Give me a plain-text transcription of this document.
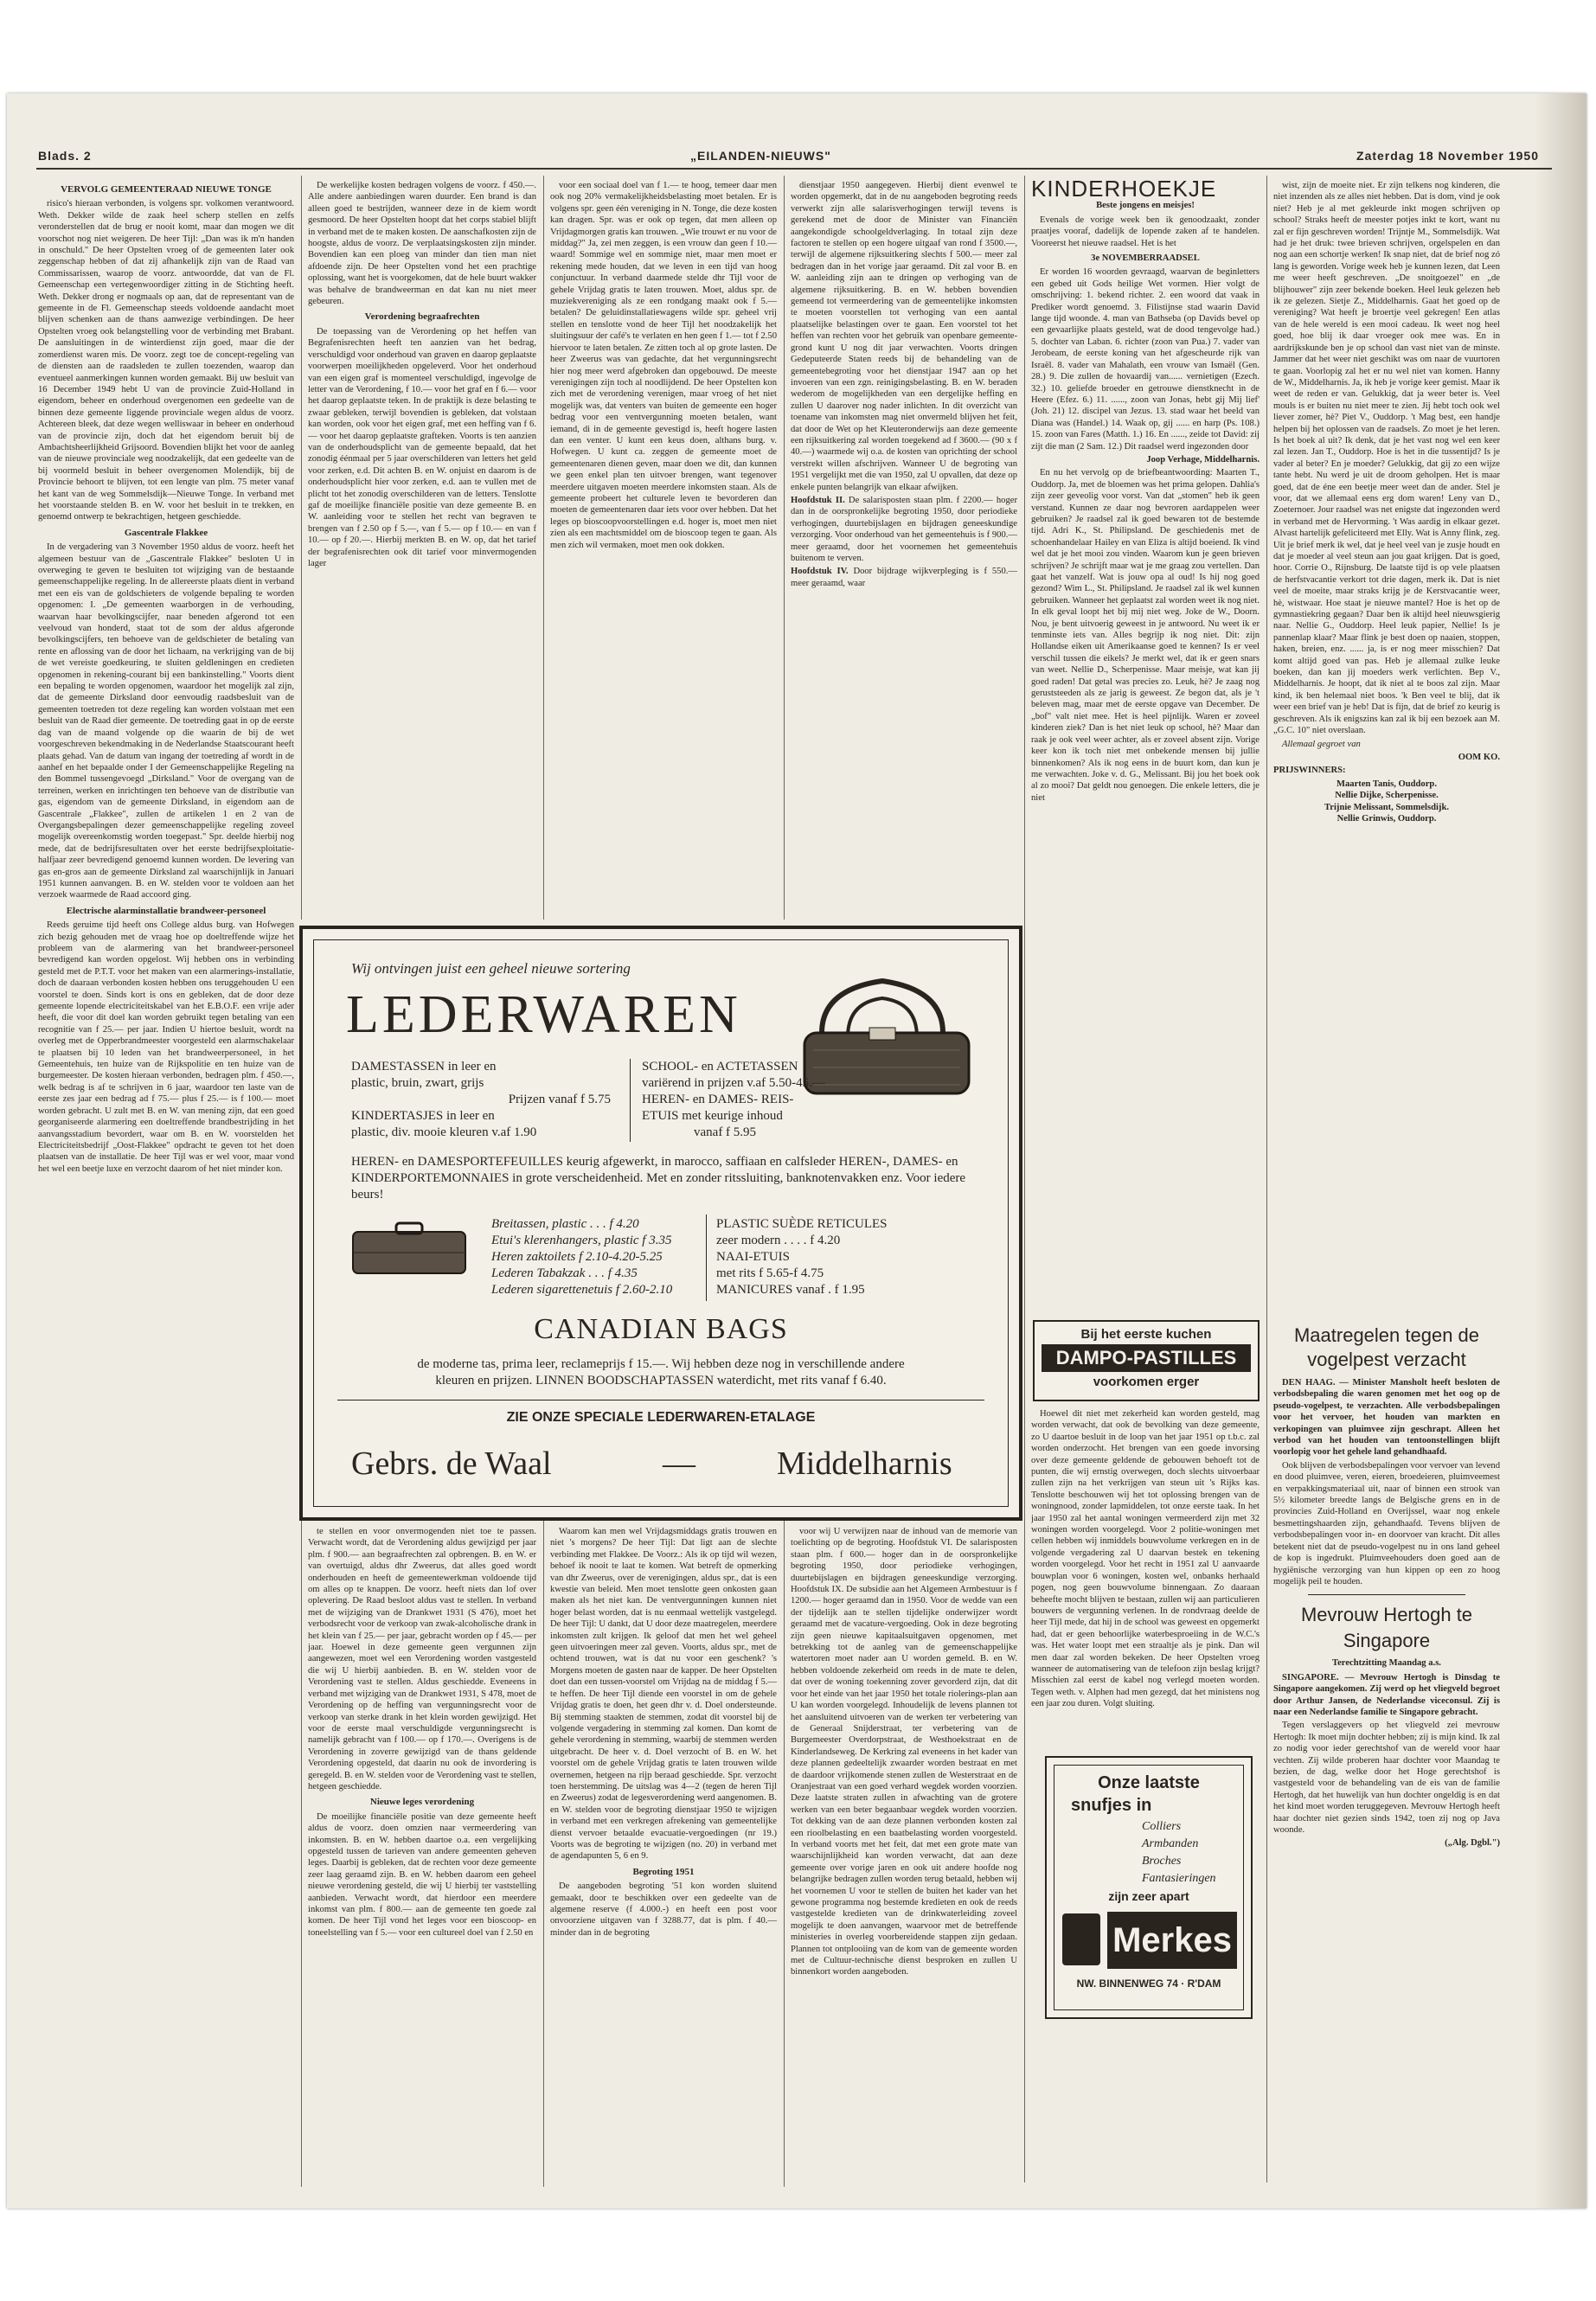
Blads. 2	„EILANDEN-NIEUWS"	Zaterdag 18 November 1950
VERVOLG GEMEENTERAAD NIEUWE TONGE

risico's hieraan verbonden, is volgens spr. volkomen verantwoord. Weth. Dekker wilde de zaak heel scherp stellen en zelfs veronderstellen dat de brug er nooit komt, maar dan mogen we dit voorschot nog niet weigeren. De heer Tijl: „Dan was ik m'n handen in onschuld." De heer Opstelten vroeg of de gemeenten later ook zeggenschap hebben of dat zij afhankelijk zijn van de Raad van Commissarissen, waarop de voorz. antwoordde, dat van de Fl. Gemeenschap een vertegenwoordiger zitting in de Stichting heeft. Weth. Dekker drong er nogmaals op aan, dat de representant van de gemeente in de Fl. Gemeenschap steeds voldoende aandacht moet blijven schenken aan de thans aanwezige verbindingen. De heer Opstelten vroeg ook belangstelling voor de verbinding met Brabant. De aansluitingen in de winterdienst zijn goed, maar die der zomerdienst waren mis. De voorz. zegt toe de concept-regeling van de diensten aan de raadsleden te zullen toezenden, waarop dan eventueel aanmerkingen kunnen worden gemaakt. Bij uw besluit van 16 December 1949 hebt U van de provincie Zuid-Holland in eigendom, beheer en onderhoud overgenomen een gedeelte van de binnen deze gemeente liggende provinciale wegen aldus de voorz. Achtereen bleek, dat deze wegen welliswaar in beheer en onderhoud van de provincie zijn, doch dat het eigendom beruit bij de Ambachtsheerlijkheid Grijsoord. Bovendien blijkt het voor de aanleg van de nieuwe provinciale weg noodzakelijk, dat een gedeelte van de bij voormeld besluit in beheer overgenomen Molendijk, bij de Provincie behoort te blijven, tot een lengte van plm. 75 meter vanaf het kant van de weg Sommelsdijk—Nieuwe Tonge. In verband met het voorstaande stelden B. en W. voor het besluit in te trekken, en genoemd ontwerp te bekrachtigen, hetgeen geschiedde.

Gascentrale Flakkee

In de vergadering van 3 November 1950 aldus de voorz. heeft het algemeen bestuur van de „Gascentrale Flakkee" besloten U in overweging te geven te besluiten tot wijziging van de bestaande gemeenschappelijke regeling. In de allereerste plaats dient in verband met een eis van de goldschieters de volgende bepaling te worden opgenomen: I. „De gemeenten waarborgen in de verhouding, waarvan haar bevolkingscijfer, naar beneden afgerond tot een veelvoud van honderd, staat tot de som der aldus afgeronde bevolkingscijfers, ten behoeve van de geldschieter de betaling van rente en aflossing van de door het lichaam, na verkrijging van de bij de wet vereiste goedkeuring, te sluiten geldleningen en credieten opgenomen in rekening-courant bij een bankinstelling." Voorts dient een bepaling te worden opgenomen, waardoor het mogelijk zal zijn, dat de gemeente Dirksland door eenvoudig raadsbesluit van de gemeenten toetreden tot deze regeling kan worden volstaan met een besluit van de Raad dier gemeente. De toetreding gaat in op de eerste dag van de maand volgende op die waarin de bij de wet voorgeschreven bekendmaking in de Nederlandse Staatscourant heeft plaats gehad. Van de datum van ingang der toetreding af wordt in de aanhef en het bepaalde onder I der Gemeenschappelijke Regeling na den Bommel tussengevoegd „Dirksland." Voor de overgang van de terreinen, werken en inrichtingen ten behoeve van de distributie van gas, eigendom van de gemeente Dirksland, in eigendom aan de Gascentrale „Flakkee", zullen de artikelen 1 en 2 van de Overgangsbepalingen dezer gemeenschappelijke regeling zoveel mogelijk overeenkomstig worden toegepast." Spr. deelde hierbij nog mede, dat de bedrijfsresultaten over het eerste bedrijfsexploitatie-halfjaar zeer bevredigend genoemd kunnen worden. De levering van gas en-gros aan de gemeente Dirksland zal waarschijnlijk in Januari 1951 kunnen aanvangen. B. en W. stelden voor te voldoen aan het verzoek waarmede de Raad accoord ging.

Electrische alarminstallatie brandweer-personeel

Reeds geruime tijd heeft ons College aldus burg. van Hofwegen zich bezig gehouden met de vraag hoe op doeltreffende wijze het probleem van de alarmering van het brandweer-personeel bevredigend kan worden opgelost. Wij hebben ons in verbinding gesteld met de P.T.T. voor het maken van een alarmerings-installatie, doch de daaraan verbonden kosten hebben ons teruggehouden U een voorstel te doen. Sinds kort is ons en gebleken, dat de door deze gemeente lopende electriciteitskabel van het E.B.O.F. een vrije ader heeft, die voor dit doel kan worden gebruikt tegen betaling van een recognitie van f 25.— per jaar. Indien U hiertoe besluit, wordt na overleg met de Opperbrandmeester voorgesteld een alarmschakelaar te plaatsen bij 10 leden van het brandweerpersoneel, in het Gemeentehuis, ten huize van de Rijkspolitie en ten huize van de burgemeester. De kosten hieraan verbonden, bedragen plm. f 450.—, welk bedrag is af te schrijven in 6 jaar, waardoor ten laste van de eerste zes jaar een bedrag ad f 75.— plus f 25.— is f 100.— moet worden gebracht. U zult met B. en W. van mening zijn, dat een goed georganiseerde alarmering een doeltreffende brandbestrijding in het aanvangsstadium bevordert, waar om B. en W. voorstelden het Electriciteitsbedrijf „Oost-Flakkee" opdracht te geven tot het doen plaatsen van de installatie. De heer Tijl was er wel voor, maar vond het wel een beetje luxe en verzocht daarom of het niet minder kon.

De werkelijke kosten bedragen volgens de voorz. f 450.—. Alle andere aanbiedingen waren duurder. Een brand is dan alleen goed te bestrijden, wanneer deze in de kiem wordt gesmoord. De heer Opstelten hoopt dat het corps stabiel blijft in verband met de te maken kosten. De aanschafkosten zijn de hoogste, aldus de voorz. De verplaatsingskosten zijn minder. Bovendien kan een ploeg van minder dan tien man niet afdoende zijn. De heer Opstelten vond het een prachtige oplossing, want het is voorgekomen, dat de hele buurt wakker was behalve de brandweerman en dat kan nu niet meer gebeuren.

Verordening begraafrechten

De toepassing van de Verordening op het heffen van Begrafenisrechten heeft ten aanzien van het bedrag, verschuldigd voor onderhoud van graven en daarop geplaatste voorwerpen moeilijkheden opgeleverd. Voor het onderhoud van een eigen graf is momenteel verschuldigd, ingevolge de letter van de Verordening, f 10.— voor het graf en f 6.— voor het daarop geplaatste teken. In de praktijk is deze belasting te zwaar gebleken, terwijl bovendien is gebleken, dat volstaan kan worden, ook voor het eigen graf, met een heffing van f 6.— voor het daarop geplaatste grafteken. Voorts is ten aanzien van de onderhoudsplicht van de gemeente bepaald, dat het zonodig éénmaal per 5 jaar overschilderen van letters het geld voor zerken, e.d. Dit achten B. en W. onjuist en daarom is de onderhoudsplicht hier voor zerken, e.d. aan te vullen met de plicht tot het zonodig overschilderen van de letters. Tenslotte gaf de moeilijke financiële positie van deze gemeente B. en W. aanleiding voor te stellen het recht van begraven te brengen van f 2.50 op f 5.—, van f 5.— op f 10.— en van f 10.— op f 20.—. Hierbij merkten B. en W. op, dat het tarief der begrafenisrechten ook dit tarief voor minvermogenden lager

voor een sociaal doel van f 1.— te hoog, temeer daar men ook nog 20% vermakelijkheidsbelasting moet betalen. Er is volgens spr. geen één vereniging in N. Tonge, die deze kosten kan dragen. Spr. was er ook op tegen, dat men alleen op Vrijdagmorgen gratis kan trouwen. „Wie trouwt er nu voor de middag?" Ja, zei men zeggen, is een vrouw dan geen f 10.— waard! Sommige wel en sommige niet, maar men moet er rekening mede houden, dat we leven in een tijd van hoog conjunctuur. In verband daarmede stelde dhr Tijl voor de gehele Vrijdag gratis te laten trouwen. Moet, aldus spr. de muziekvereniging als ze een rondgang maakt ook f 5.— betalen? De geluidinstallatiewagens wilde spr. geheel vrij stellen en tenslotte vond de heer Tijl het noodzakelijk het sluitingsuur der café's te verlaten en hen geen f 1.— tot f 2.50 hiervoor te laten betalen. Ze zitten toch al op grote lasten. De heer Zweerus was van gedachte, dat het vergunningsrecht hier nog meer werd afgebroken dan opgebouwd. De meeste verenigingen zijn toch al noodlijdend. De heer Opstelten kon zich met de verordening verenigen, maar vroeg of het niet mogelijk was, dat venters van buiten de gemeente een hoger bedrag voor een ventvergunning moeten betalen, want iemand, di in de gemeente gevestigd is, heeft hogere lasten dan een venter. U kunt een keus doen, althans burg. v. Hofwegen. U kunt ca. zeggen de gemeente moet de gemeentenaren dienen geven, maar doen we dit, dan kunnen we geen enkel plan ten uitvoer brengen, want tegenover meerdere uitgaven moeten meerdere inkomsten staan. Als de gemeente probeert het culturele leven te bevorderen dan moeten de gemeentenaren daar iets voor over hebben. Dat het leges op bioscoopvoorstellingen e.d. hoger is, moet men niet zien als een machtsmiddel om de bioscoop tegen te gaan. Als men zich wil vermaken, moet men ook dokken.

dienstjaar 1950 aangegeven. Hierbij dient evenwel te worden opgemerkt, dat in de nu aangeboden begroting reeds verwerkt zijn alle salarisverhogingen terwijl tevens is gerekend met de door de Minister van Financiën aangekondigde schoolgeldverlaging. In totaal zijn deze factoren te stellen op een hogere uitgaaf van rond f 3500.—, terwijl de algemene rijksuitkering slechts f 500.— meer zal bedragen dan in het vorige jaar geraamd. Dit zal voor B. en W. aanleiding zijn aan te dringen op verhoging van de algemene rijksuitkering. B. en W. hebben bovendien gemeend tot vermeerdering van de gemeentelijke inkomsten te moeten voorstellen tot verhoging van een aantal plaatselijke belastingen over te gaan. Een voorstel tot het heffen van rechten voor het gebruik van openbare gemeente-grond kunt U nog dit jaar verwachten. Voorts dringen Gedeputeerde Staten reeds bij de behandeling van de gemeentebegroting voor het dienstjaar 1947 aan op het invoeren van een zgn. reinigingsbelasting. B. en W. beraden wederom de mogelijkheden van een dergelijke heffing en zullen U daarover nog nader inlichten. In dit overzicht van toename van inkomsten mag niet onvermeld blijven het feit, dat door de Wet op het Kleuteronderwijs aan deze gemeente een rijksuitkering zal worden toegekend ad f 3600.— (90 x f 40.—) waarmede wij o.a. de kosten van oprichting der school verstrekt willen afschrijven. Wanneer U de begroting van 1951 vergelijkt met die van 1950, zal U opvallen, dat deze op enkele punten belangrijk van elkaar afwijken.

Hoofdstuk II. De salarisposten staan plm. f 2200.— hoger dan in de oorspronkelijke begroting 1950, door periodieke verhogingen, duurtebijslagen en bijdragen geneeskundige verzorging. Voor onderhoud van het gemeentehuis is f 900.— meer geraamd, door het voornemen het gemeentehuis buitenom te verven.

Hoofdstuk IV. Door bijdrage wijkverpleging is f 550.— meer geraamd, waar

KINDERHOEKJE
Beste jongens en meisjes!

Evenals de vorige week ben ik genoodzaakt, zonder praatjes vooraf, dadelijk de lopende zaken af te handelen. Vooreerst het nieuwe raadsel. Het is het

3e NOVEMBERRAADSEL

Er worden 16 woorden gevraagd, waarvan de beginletters een gebed uit Gods heilige Wet vormen. Hier volgt de omschrijving: 1. bekend richter. 2. een woord dat vaak in Prediker wordt genoemd. 3. Filistijnse stad waarin David lange tijd woonde. 4. man van Bathseba (op Davids bevel op een gevaarlijke plaats gesteld, wat de dood tengevolge had.) 5. dochter van Laban. 6. richter (zoon van Pua.) 7. vader van Jerobeam, de eerste koning van het afgescheurde rijk van Israël. 8. vader van Mahalath, een vrouw van Ismaël (Gen. 28.) 9. Die zullen de hovaardij van...... vernietigen (Ezech. 32.) 10. geliefde broeder en getrouwe dienstknecht in de Heere (Efez. 6.) 11. ......, zoon van Jonas, hebt gij Mij lief' (Joh. 21) 12. discipel van Jezus. 13. stad waar het beeld van Diana was (Handel.) 14. Waak op, gij ...... en harp (Ps. 108.) 15. zoon van Fares (Matth. 1.) 16. En ......, zeide tot David: zij zijt die man (2 Sam. 12.) Dit raadsel werd ingezonden door

Joop Verhage, Middelharnis.

En nu het vervolg op de briefbeantwoording: Maarten T., Ouddorp. Ja, met de bloemen was het prima gelopen. Dahlia's zijn zeer geveolig voor vorst. Van dat „stomen" heb ik geen verstand. Kunnen ze daar nog bevroren aardappelen weer gebruiken? Je raadsel zal ik goed bewaren tot de bestemde tijd. Adri K., St. Philipsland. De geschiedenis met de schoenhandelaar Hailey en van Eliza is altijd boeiend. Ik vind wel dat je het mooi zou vinden. Waarom kun je geen brieven schrijven? Je schrijft maar wat je me graag zou vertellen. Dan gaat het vanzelf. Wat is jouw opa al oud! Is hij nog goed gezond? Wim L., St. Philipsland. Je raadsel zal ik wel kunnen gebruiken. Wanneer het geplaatst zal worden weet ik nog niet. In elk geval loopt het bij mij niet weg. Joke de W., Doorn. Nou, je bent uitvoerig geweest in je antwoord. Nu weet ik er tenminste iets van. Alles begrijp ik nog niet. Dit: zijn Hollandse eiken uit Amerikaanse goed te kennen? Is er veel verschil tussen die eikels? Je merkt wel, dat ik er geen snars van weet. Nellie D., Scherpenisse. Maar meisje, wat kan jij goed raden! Dat getal was precies zo. Leuk, hè? Je zaag nog geruststeeden als ze jarig is geweest. Ze begon dat, als je 't beleven mag, maar met de eerste opgave van December. De „bof" valt niet mee. Het is heel pijnlijk. Waren er zoveel kinderen ziek? Dan is het niet leuk op school, hè? Maar dan raak je ook veel weer achter, als er zoveel absent zijn. Vorige keer kon ik toch niet met onbekende mensen bij jullie binnenkomen? Als ik nog eens in de buurt kom, dan kun je me verwachten. Joke v. d. G., Melissant. Bij jou het boek ook al zo mooi? Dat geldt nou genoegen. Die enkele letters, die je niet

wist, zijn de moeite niet. Er zijn telkens nog kinderen, die niet inzenden als ze alles niet hebben. Dat is dom, vind je ook niet? Heb je al met gekleurde inkt mogen schrijven op school? Straks heeft de meester potjes inkt te kort, want nu zal er fijn geschreven worden! Trijntje M., Sommelsdijk. Wat had je het druk: twee brieven schrijven, orgelspelen en dan nog aan een schortje werken! Ik snap niet, dat de brief nog zó lang is geworden. Vorige week heb je kunnen lezen, dat Leen me weer heeft geschreven. „De snoitgoezel" en „de blijhouwer" zijn zeer bekende boeken. Heel leuk gelezen heb ik ze gelezen. Sietje Z., Middelharnis. Gaat het goed op de vereniging? Wat heeft je broertje veel gekregen! Een atlas van de hele wereld is een mooi cadeau. Ik weet nog heel goed, hoe blij ik daar vroeger ook mee was. En in aardrijkskunde ben je op school dan vast niet van de minste. Jammer dat het weer niet geschikt was om naar de vuurtoren te gaan. Voorlopig zal het er nu wel niet van komen. Hanny de W., Middelharnis. Ja, ik heb je vorige keer gemist. Maar ik weet de reden er van. Gelukkig, dat ja weer beter is. Veel mouls is er buiten nu niet meer te zien. Jij hebt toch ook wel liever zomer, hè? Piet V., Ouddorp. 't Mag best, een handje helpen bij het oplossen van de raadsels. Zo moet je het leren. Is het boek al uit? Ik denk, dat je het vast nog wel een keer zal lezen. Jan T., Ouddorp. Hoe is het in die tussentijd? Is je vader al beter? En je moeder? Gelukkig, dat gij zo een wijze tante hebt. Nu werd je uit de droom geholpen. Het is maar goed, dat de éne een beetje meer weet dan de ander. Stel je voor, dat we allemaal eens erg dom waren! Leny van D., Zoeternoer. Jour raadsel was net enigste dat ingezonden werd in verband met de Hervorming. 't Was aardig in elkaar gezet. Alvast hartelijk gefeliciteerd met Elly. Wat is Anny flink, zeg. Uit je brief merk ik wel, dat je heel veel van je zusje houdt en dat je moeder al veel steun aan jou gaat krijgen. Dat is goed, hoor. Corrie O., Rijnsburg. De laatste tijd is op vele plaatsen de herfstvacantie verkort tot drie dagen, merk ik. Dat is niet veel de moeite, maar straks krijg je de Kerstvacantie weer, hè, wistwaar. Hoe staat je nieuwe mantel? Hoe is het op de gymnastiekring gegaan? Daar ben ik altijd heel nieuwsgierig naar. Nellie G., Ouddorp. Heel leuk papier, Nellie! Is je pannenlap klaar? Maar flink je best doen op naaien, stoppen, haken, breien, enz. ...... ja, is er nog meer misschien? Dat komt altijd goed van pas. Heb je allemaal zulke leuke boeken, dan kan jij moeders werk verlichten. Bep V., Middelharnis. Je hoopt, dat ik niet al te boos zal zijn. Maar kind, ik ben helemaal niet boos. 'k Ben veel te blij, dat ik weer een brief van je heb! Dat is fijn, dat de brief zo keurig is geschreven. Als ik enigszins kan zal ik bij een bezoek aan M. „G.C. 10" niet overslaan.

Allemaal gegroet van

OOM KO.

PRIJSWINNERS:

Maarten Tanis, Ouddorp.

Nellie Dijke, Scherpenisse.

Trijnie Melissant, Sommelsdijk.

Nellie Grinwis, Ouddorp.

Wij ontvingen juist een geheel nieuwe sortering
LEDERWAREN
DAMESTASSEN in leer en
plastic, bruin, zwart, grijs
Prijzen vanaf f 5.75
KINDERTASJES in leer en
plastic, div. mooie kleuren v.af 1.90
SCHOOL- en ACTETASSEN
variërend in prijzen v.af 5.50-45.—
HEREN- en DAMES- REIS-
ETUIS met keurige inhoud
vanaf f 5.95
HEREN- en DAMESPORTEFEUILLES keurig afgewerkt, in marocco, saffiaan en calfsleder HEREN-, DAMES- en KINDERPORTEMONNAIES in grote verscheidenheid. Met en zonder ritssluiting, banknotenvakken enz. Voor iedere beurs!
Breitassen, plastic . . . f 4.20
Etui's klerenhangers, plastic f 3.35
Heren zaktoilets f 2.10-4.20-5.25
Lederen Tabakzak . . . f 4.35
Lederen sigarettenetuis f 2.60-2.10
PLASTIC SUÈDE RETICULES
zeer modern . . . . f 4.20
NAAI-ETUIS
met rits f 5.65-f 4.75
MANICURES vanaf . f 1.95
CANADIAN BAGS
de moderne tas, prima leer, reclameprijs f 15.—. Wij hebben deze nog in verschillende andere
kleuren en prijzen. LINNEN BOODSCHAPTASSEN waterdicht, met rits vanaf f 6.40.
ZIE ONZE SPECIALE LEDERWAREN-ETALAGE
Gebrs. de Waal	— Middelharnis

te stellen en voor onvermogenden niet toe te passen. Verwacht wordt, dat de Verordening aldus gewijzigd per jaar plm. f 900.— aan begraafrechten zal opbrengen. B. en W. er van overtuigd, aldus dhr Zweerus, dat alles goed wordt onderhouden en heeft de gemeentewerkman voldoende tijd om alles op te knappen. De voorz. heeft niets dan lof over oplevering. De Raad besloot aldus vast te stellen. In verband met de wijziging van de Drankwet 1931 (S 476), moet het verbodsrecht voor de verkoop van zwak-alcoholische drank in het klein van f 25.— per jaar, gebracht worden op f 45.— per jaar. Hoewel in deze gemeente geen vergunnen zijn aangewezen, moet wel een Verordening worden vastgesteld die wij U hierbij aanbieden. B. en W. stelden voor de Verordening vast te stellen. Aldus geschiedde. Eveneens in verband met wijziging van de Drankwet 1931, S 478, moet de Verordening op de heffing van vergunningsrecht voor de verkoop van sterke drank in het klein worden gewijzigd. Het voor de eerste maal verschuldigde vergunningsrecht is namelijk gebracht van f 100.— op f 170.—. Overigens is de Verordening in zoverre gewijzigd van de thans geldende Verordening opgesteld, dat daarin nu ook de invordering is geregeld. B. en W. stelden voor de Verordening vast te stellen, hetgeen geschiedde.

Nieuwe leges verordening

De moeilijke financiële positie van deze gemeente heeft aldus de voorz. doen omzien naar vermeerdering van inkomsten. B. en W. hebben daartoe o.a. een vergelijking opgesteld tussen de tarieven van andere gemeenten geheven leges. Daarbij is gebleken, dat de rechten voor deze gemeente zeer laag geraamd zijn. B. en W. hebben daarom een geheel nieuwe verordening gesteld, die wij U hierbij ter vaststelling aanbieden. Verwacht wordt, dat hierdoor een meerdere inkomst van plm. f 800.— aan de gemeente ten goede zal komen. De heer Tijl vond het leges voor een bioscoop- en toneelstelling van f 5.— voor een cultureel doel van f 2.50 en

Waarom kan men wel Vrijdagsmiddags gratis trouwen en niet 's morgens? De heer Tijl: Dat ligt aan de slechte verbinding met Flakkee. De Voorz.: Als ik op tijd wil wezen, behoef ik nooit te laat te komen. Wat betreft de opmerking van dhr Zweerus, over de verenigingen, aldus spr., dat is een kwestie van beleid. Men moet tenslotte geen onkosten gaan maken als het niet kan. De ventvergunningen kunnen niet hoger belast worden, dat is nu eenmaal wettelijk vastgelegd. De heer Tijl: U dankt, dat U door deze maatregelen, meerdere inkomsten zult krijgen. Ik geloof dat men het wel geheel geen uitvoeringen meer zal geven. Voorts, aldus spr., met de ochtend trouwen, wat is dat nu voor een geschenk? 's Morgens moeten de gasten naar de kapper. De heer Opstelten doet dan een tussen-voorstel om Vrijdag na de middag f 5.— te heffen. De heer Tijl diende een voorstel in om de gehele Vrijdag gratis te doen, het geen dhr v. d. Doel ondersteunde. Bij stemming staakten de stemmen, zodat dit voorstel bij de volgende vergadering in stemming zal komen. Dan komt de gehele verordening in stemming, waarbij de stemmen werden uitgebracht. De heer v. d. Doel verzocht of B. en W. het voorstel om de gehele Vrijdag gratis te laten trouwen wilde overnemen, hetgeen na rijp beraad geschiedde. Spr. verzocht toen herstemming. De uitslag was 4—2 (tegen de heren Tijl en Zweerus) zodat de legesverordening werd aangenomen. B. en W. stelden voor de begroting dienstjaar 1950 te wijzigen in verband met een verkregen afrekening van gemeentelijke dienst vervoer betaalde evacuatie-vergoedingen (nr 19.) Voorts was de begroting te wijzigen (no. 20) in verband met de agendapunten 5, 6 en 9.

Begroting 1951

De aangeboden begroting '51 kon worden sluitend gemaakt, door te beschikken over een gedeelte van de algemene reserve (f 4.000.-) en heeft een post voor onvoorziene uitgaven van f 3288.77, dat is plm. f 40.— minder dan in de begroting

voor wij U verwijzen naar de inhoud van de memorie van toelichting op de begroting. Hoofdstuk VI. De salarisposten staan plm. f 600.— hoger dan in de oorspronkelijke begroting 1950, door periodieke verhogingen, duurtebijslagen en bijdragen geneeskundige verzorging. Hoofdstuk IX. De subsidie aan het Algemeen Armbestuur is f 1200.— hoger geraamd dan in 1950. Voor de wedde van een der tijdelijk aan te stellen tijdelijke onderwijzer wordt geraamd met de vacature-vergoeding. Ook in deze begroting zijn geen nieuwe kapitaalsuitgaven opgenomen, met betrekking tot de aanleg van de gemeenschappelijke watertoren moet nader aan U worden gemeld. B. en W. hebben voldoende zekerheid om reeds in de mate te delen, dat over de woning toekenning zover gevorderd zijn, dat dit voor het einde van het jaar 1950 het totale riolerings-plan aan U kan worden voorgelegd. Inhoudelijk de levens plannen tot het aansluitend uitvoeren van de werken ter verbetering van de Generaal Snijderstraat, ter verbetering van de Burgemeester Overdorpstraat, de Westhoekstraat en de Kinderlandseweg. De Kerkring zal eveneens in het kader van deze plannen gedeeltelijk zwaarder worden bestraat en met de daardoor vrijkomende stenen zullen de Westerstraat en de Oranjestraat van een goed verhard wegdek worden voorzien. Deze laatste straten zullen in afwachting van de grotere werken van een beter begaanbaar wegdek worden voorzien. Tot dekking van de aan deze plannen verbonden kosten zal een rioolbelasting en een baatbelasting worden voorgesteld. In verband voorts met het feit, dat met een grote mate van waarschijnlijkheid kan worden verwacht, dat aan deze gemeente over vorige jaren en ook uit andere hoofde nog belangrijke bedragen zullen worden terug betaald, hebben wij het voornemen U voor te stellen de buiten het kader van het gewone programma nog bestemde kredieten en ook de reeds vastgestelde kredieten van de drinkwaterleiding zoveel mogelijk te doen aanvangen, waarvoor met de betreffende ministeries in overleg voorbereidende stappen zijn gedaan. Plannen tot ontplooiing van de kom van de gemeente worden met de Cultuur-technische dienst besproken en zullen U binnenkort worden aangeboden.

Bij het eerste kuchen
DAMPO-PASTILLES
voorkomen erger

Hoewel dit niet met zekerheid kan worden gesteld, mag worden verwacht, dat ook de bevolking van deze gemeente, zo U daartoe besluit in de loop van het jaar 1951 op t.b.c. zal worden onderzocht. Het brengen van een goede invorsing over deze gemeente geldende de gebouwen behoeft tot de punten, die wij ernstig overwegen, doch slechts uitvoerbaar zullen zijn na het verkrijgen van steun uit 's Rijks kas. Tenslotte beschouwen wij het tot oplossing brengen van de woningnood, zonder lapmiddelen, tot onze eerste taak. In het jaar 1950 zal het aantal woningen vermeerderd zijn met 32 woningen worden voorgelegd. Voor 2 politie-woningen met cellen hebben wij inmiddels bouwvolume verkregen en in de volgende vergadering zal U daarvan bestek en tekening worden voorgelegd. Voor het recht in 1951 zal U aanvaarde bouwplan voor 6 woningen, kosten wel, onbanks herhaald pogen, nog geen bouwvolume binnengaan. Zo daaraan beheefte mocht blijven te bestaan, zullen wij aan particulieren bouwers de vergunning verlenen. In de rondvraag deelde de heer Tijl mede, dat hij in de school was geweest en opgemerkt had, dat er geen behoorlijke waterbesproeiing in de W.C.'s was. Het water loopt met een straaltje als je pink. Dan wil men daar zal worden bekeken. De heer Opstelten vroeg wanneer de automatisering van de telefoon zijn beslag krijgt? Misschien zal eerst de kabel nog verlegd moeten worden. Tegen weth. v. Alphen had men gezegd, dat het ministens nog een jaar zou duren. Volgt sluiting.

Onze laatste
snufjes in
Colliers
Armbanden
Broches
Fantasieringen
zijn zeer apart
Merkes
NW. BINNENWEG 74 · R'DAM
Maatregelen tegen de
vogelpest verzacht

DEN HAAG. — Minister Mansholt heeft besloten de verbodsbepaling die waren genomen met het oog op de pseudo-vogelpest, te verzachten. Alle verbodsbepalingen voor het vervoer, het houden van markten en verkopingen van pluimvee zijn geschrapt. Alleen het verbod van het houden van tentoonstellingen blijft voorlopig voor het gehele land gehandhaafd.

Ook blijven de verbodsbepalingen voor vervoer van levend en dood pluimvee, veren, eieren, broedeieren, pluimveemest en verpakkingsmateriaal uit, naar of binnen een strook van 5½ kilometer breedte langs de Belgische grens en in de provincies Zuid-Holland en Overijssel, waar nog enkele besmettingshaarden zijn, gehandhaafd. Tevens blijven de verbodsbepalingen voor in- en doorvoer van kracht. Dit alles betekent niet dat de pseudo-vogelpest nu in ons land geheel de kop is ingedrukt. Pluimveehouders doen goed aan de hygiënische verzorging van hun kippen op een zo hoog mogelijk peil te houden.

Mevrouw Hertogh te
Singapore
Terechtzitting Maandag a.s.

SINGAPORE. — Mevrouw Hertogh is Dinsdag te Singapore aangekomen. Zij werd op het vliegveld begroet door Arthur Jansen, de Nederlandse viceconsul. Zij is naar een Nederlandse familie te Singapore gebracht.

Tegen verslaggevers op het vliegveld zei mevrouw Hertogh: Ik moet mijn dochter hebben; zij is mijn kind. Ik zal zo nodig voor ieder gerechtshof van de wereld voor haar vechten. Zij wilde proberen haar dochter voor Maandag te bezien, de dag, welke door het Hoge gerechtshof is vastgesteld voor de behandeling van de eis van de familie Hertogh, dat het huwelijk van hun dochter ongeldig is en dat het kind moet worden teruggegeven. Mevrouw Hertogh heeft haar dochter niet gezien sinds 1942, toen zij nog op Java woonde.

(„Alg. Dgbl.")
